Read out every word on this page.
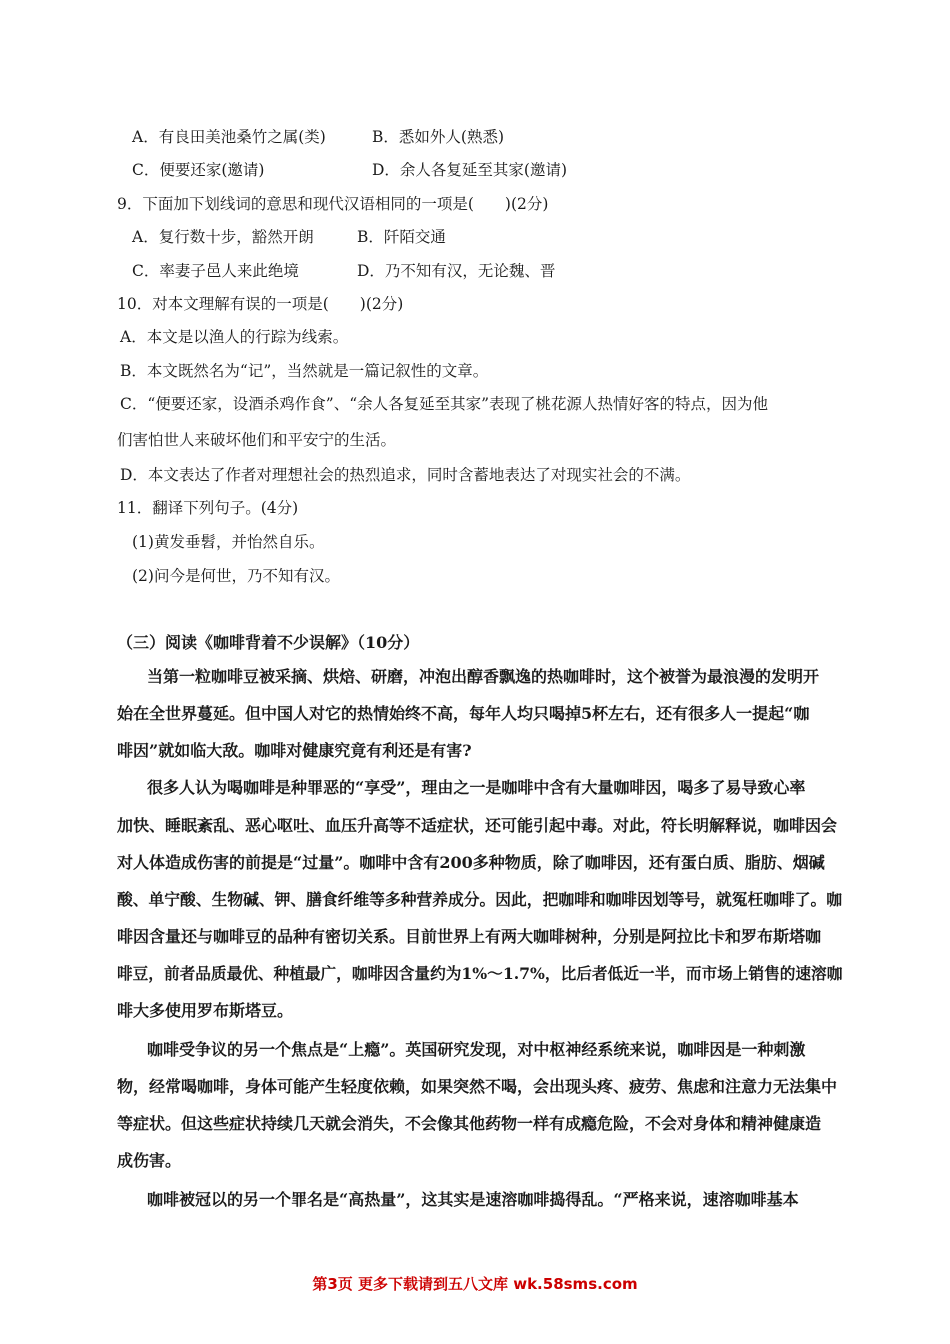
A．有良田美池桑竹之属(类)	B．悉如外人(熟悉)
C．便要还家(邀请)	D．余人各复延至其家(邀请)
9．下面加下划线词的意思和现代汉语相同的一项是(　　)(2分)
A．复行数十步，豁然开朗	B．阡陌交通
C．率妻子邑人来此绝境	D．乃不知有汉，无论魏、晋
10．对本文理解有误的一项是(　　)(2分)
A．本文是以渔人的行踪为线索。
B．本文既然名为“记”，当然就是一篇记叙性的文章。
C．“便要还家，设酒杀鸡作食”、“余人各复延至其家”表现了桃花源人热情好客的特点，因为他
们害怕世人来破坏他们和平安宁的生活。
D．本文表达了作者对理想社会的热烈追求，同时含蓄地表达了对现实社会的不满。
11．翻译下列句子。(4分)
(1)黄发垂髫，并怡然自乐。
(2)问今是何世，乃不知有汉。
（三）阅读《咖啡背着不少误解》（10分）
当第一粒咖啡豆被采摘、烘焙、研磨，冲泡出醇香飘逸的热咖啡时，这个被誉为最浪漫的发明开
始在全世界蔓延。但中国人对它的热情始终不高，每年人均只喝掉5杯左右，还有很多人一提起“咖
啡因”就如临大敌。咖啡对健康究竟有利还是有害?
很多人认为喝咖啡是种罪恶的“享受”，理由之一是咖啡中含有大量咖啡因，喝多了易导致心率
加快、睡眠紊乱、恶心呕吐、血压升高等不适症状，还可能引起中毒。对此，符长明解释说，咖啡因会
对人体造成伤害的前提是“过量”。咖啡中含有200多种物质，除了咖啡因，还有蛋白质、脂肪、烟碱
酸、单宁酸、生物碱、钾、膳食纤维等多种营养成分。因此，把咖啡和咖啡因划等号，就冤枉咖啡了。咖
啡因含量还与咖啡豆的品种有密切关系。目前世界上有两大咖啡树种，分别是阿拉比卡和罗布斯塔咖
啡豆，前者品质最优、种植最广，咖啡因含量约为1%～1.7%，比后者低近一半，而市场上销售的速溶咖
啡大多使用罗布斯塔豆。
咖啡受争议的另一个焦点是“上瘾”。英国研究发现，对中枢神经系统来说，咖啡因是一种刺激
物，经常喝咖啡，身体可能产生轻度依赖，如果突然不喝，会出现头疼、疲劳、焦虑和注意力无法集中
等症状。但这些症状持续几天就会消失，不会像其他药物一样有成瘾危险，不会对身体和精神健康造
成伤害。
咖啡被冠以的另一个罪名是“高热量”，这其实是速溶咖啡捣得乱。“严格来说，速溶咖啡基本
第3页 更多下载请到五八文库 wk.58sms.com
